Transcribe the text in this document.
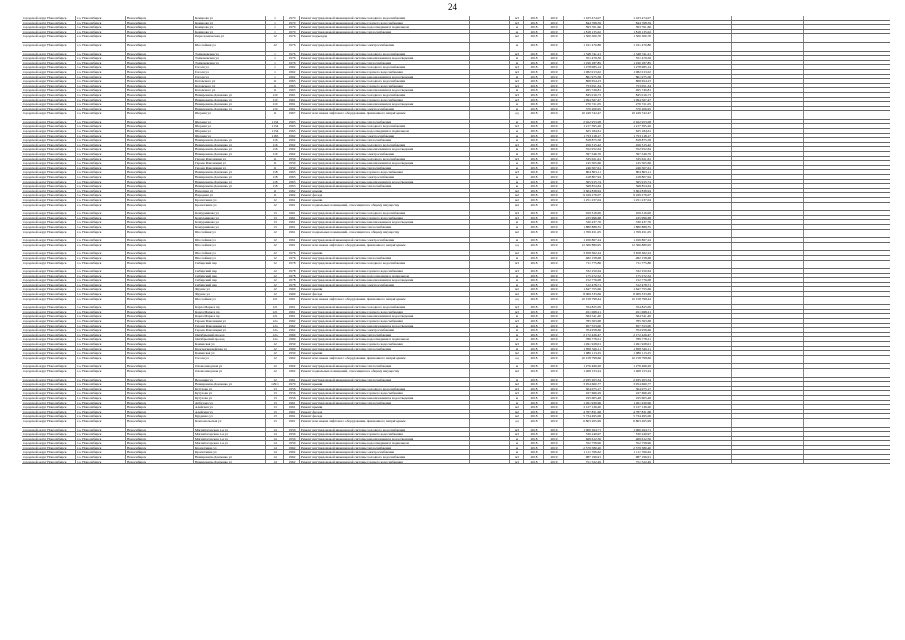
24
городской округ Новосибирск	г.о. Новосибирск	Новосибирск	Комарова ул	1	1970	Ремонт внутридомовой инженерной системы холодного водоснабжения	м3	2018	2019	1 163 474,07	1 163 474,07
городской округ Новосибирск	г.о. Новосибирск	Новосибирск	Комарова ул	1	1970	Ремонт внутридомовой инженерной системы горячего водоснабжения	м3	2018	2019	844 768,59	844 768,59
городской округ Новосибирск	г.о. Новосибирск	Новосибирск	Комарова ул	1	1970	Ремонт внутридомовой инженерной системы водоотведения в подвальном	м	2018	2019	593 761,66	593 761,66
городской округ Новосибирск	г.о. Новосибирск	Новосибирск	Комарова ул	1	1970	Ремонт внутридомовой инженерной системы теплоснабжения	м	2018	2019	1 818 135,02	1 818 135,02
городской округ Новосибирск	г.о. Новосибирск	Новосибирск	Переселенческая ул	12	1976	Ремонт подъездов	м2	2018	2019	1 500 300,70	1 500 300,70
городской округ Новосибирск	г.о. Новосибирск	Новосибирск	Шоссейная ул	12	1976	Ремонт внутридомовой инженерной системы электроснабжения	м	2018	2019	1 191 470,86	1 191 470,86
городской округ Новосибирск	г.о. Новосибирск	Новосибирск	Толмачевская ул	1	1976	Ремонт внутридомовой инженерной системы холодного водоснабжения	м3	2018	2019	1 348 741,21	1 348 741,21
городской округ Новосибирск	г.о. Новосибирск	Новосибирск	Толмачевская ул	1	1976	Ремонт внутридомовой инженерной системы канализования и водоотведения	м	2018	2019	551 479,56	551 479,56
городской округ Новосибирск	г.о. Новосибирск	Новосибирск	Толмачевская ул	1	1976	Ремонт внутридомовой инженерной системы теплоснабжения	м	2018	2019	1 190 187,85	1 190 187,85
городской округ Новосибирск	г.о. Новосибирск	Новосибирск	Гоголя ул	1	1962	Ремонт внутридомовой инженерной системы холодного водоснабжения	м3	2018	2019	1 278 085,14	1 278 085,14
городской округ Новосибирск	г.о. Новосибирск	Новосибирск	Гоголя ул	1	1962	Ремонт внутридомовой инженерной системы горячего водоснабжения	м3	2018	2019	1 082 013,02	1 082 013,02
городской округ Новосибирск	г.о. Новосибирск	Новосибирск	Гоголя ул	1	1962	Ремонт внутридомовой инженерной системы канализования и водоотведения	м	2018	2019	861 975,58	861 975,58
городской округ Новосибирск	г.о. Новосибирск	Новосибирск	Котовского ул	11	1963	Ремонт внутридомовой инженерной системы холодного водоснабжения	м3	2018	2019	868 654,23	868 654,23
городской округ Новосибирск	г.о. Новосибирск	Новосибирск	Котовского ул	11	1963	Ремонт внутридомовой инженерной системы горячего водоснабжения	м3	2018	2019	753 051,34	753 051,34
городской округ Новосибирск	г.о. Новосибирск	Новосибирск	Котовского ул	11	1963	Ремонт внутридомовой инженерной системы канализования и водоотведения	м	2018	2019	495 749,81	495 749,81
городской округ Новосибирск	г.о. Новосибирск	Новосибирск	Немировича-Данченко ул	110	1961	Ремонт внутридомовой инженерной системы холодного водоснабжения	м3	2018	2019	845 016,73	845 016,73
городской округ Новосибирск	г.о. Новосибирск	Новосибирск	Немировича-Данченко ул	110	1961	Ремонт внутридомовой инженерной системы горячего водоснабжения	м3	2018	2019	1 094 567,47	1 094 567,47
городской округ Новосибирск	г.о. Новосибирск	Новосибирск	Немировича-Данченко ул	110	1961	Ремонт внутридомовой инженерной системы канализования и водоотведения	м	2018	2019	276 721,05	276 721,05
городской округ Новосибирск	г.о. Новосибирск	Новосибирск	Немировича-Данченко ул	110	1961	Ремонт внутридомовой инженерной системы электроснабжения	м	2018	2019	570 206,95	570 206,95
городской округ Новосибирск	г.о. Новосибирск	Новосибирск	Шорная ул	11	1967	Ремонт или замена лифтового оборудования, признанного непригодным	ед	2018	2019	10 249 742,47	10 249 742,47
городской округ Новосибирск	г.о. Новосибирск	Новосибирск	Шорная ул	1134	1963	Ремонт внутридомовой инженерной системы теплоснабжения	м	2018	2019	2 922 953,08	2 922 953,08
городской округ Новосибирск	г.о. Новосибирск	Новосибирск	Шорная ул	1134	1963	Ремонт внутридомовой инженерной системы холодного водоснабжения	м3	2018	2019	1 217 395,26	1 217 395,26
городской округ Новосибирск	г.о. Новосибирск	Новосибирск	Шорная ул	1134	1963	Ремонт внутридомовой инженерной системы водоотведения в подвальном	м	2018	2019	625 184,61	625 184,61
городской округ Новосибирск	г.о. Новосибирск	Новосибирск	Шорная ул	1165	1962	Ремонт внутридомовой инженерной системы электроснабжения	м	2018	2019	1 753 118,17	1 753 118,17
городской округ Новосибирск	г.о. Новосибирск	Новосибирск	Немировича-Данченко ул	116	1962	Ремонт внутридомовой инженерной системы теплоснабжения	м	2018	2019	818 875,58	818 875,58
городской округ Новосибирск	г.о. Новосибирск	Новосибирск	Немировича-Данченко ул	116	1962	Ремонт внутридомовой инженерной системы холодного водоснабжения	м3	2018	2019	456 315,42	456 315,42
городской округ Новосибирск	г.о. Новосибирск	Новосибирск	Немировича-Данченко ул	116	1962	Ремонт внутридомовой инженерной системы канализования и водоотведения	м	2018	2019	352 052,64	352 052,64
городской округ Новосибирск	г.о. Новосибирск	Новосибирск	Немировича-Данченко ул	116	1962	Ремонт внутридомовой инженерной системы электроснабжения	м	2018	2019	397 546,76	397 546,76
городской округ Новосибирск	г.о. Новосибирск	Новосибирск	Героев Революции ул	11	1959	Ремонт внутридомовой инженерной системы холодного водоснабжения	м3	2018	2019	335 021,61	335 021,61
городской округ Новосибирск	г.о. Новосибирск	Новосибирск	Героев Революции ул	11	1959	Ремонт внутридомовой инженерной системы канализования и водоотведения	м	2018	2019	145 505,66	145 505,66
городской округ Новосибирск	г.о. Новосибирск	Новосибирск	Героев Революции ул	11	1959	Ремонт внутридомовой инженерной системы теплоснабжения	м	2018	2019	246 507,61	246 507,61
городской округ Новосибирск	г.о. Новосибирск	Новосибирск	Немировича-Данченко ул	118	1963	Ремонт внутридомовой инженерной системы горячего водоснабжения	м3	2018	2019	804 803,11	804 803,11
городской округ Новосибирск	г.о. Новосибирск	Новосибирск	Немировича-Данченко ул	118	1963	Ремонт внутридомовой инженерной системы электроснабжения	м	2018	2019	418 807,94	418 807,94
городской округ Новосибирск	г.о. Новосибирск	Новосибирск	Немировича-Данченко ул	118	1963	Ремонт внутридомовой инженерной системы канализования и водоотведения	м	2018	2019	365 915,74	365 915,74
городской округ Новосибирск	г.о. Новосибирск	Новосибирск	Немировича-Данченко ул	118	1963	Ремонт внутридомовой инженерной системы теплоснабжения	м	2018	2019	568 854,64	568 854,64
городской округ Новосибирск	г.о. Новосибирск	Новосибирск	Народная ул	11	1962	Ремонт крыши	м2	2018	2019	3 604 838,94	3 604 838,94
городской округ Новосибирск	г.о. Новосибирск	Новосибирск	Народная ул	11	1962	Ремонт фасада	м2	2018	2019	9 169 276,07	9 169 276,07
городской округ Новосибирск	г.о. Новосибирск	Новосибирск	Кропоткина ул	12	1961	Ремонт крыши	м2	2018	2019	1 251 237,04	1 251 237,04
городской округ Новосибирск	г.о. Новосибирск	Новосибирск	Кропоткина ул	12	1961	Ремонт подвальных помещений, относящихся к общему имуществу	м2	2018	2019
городской округ Новосибирск	г.о. Новосибирск	Новосибирск	Кошурникова ул	13	1961	Ремонт внутридомовой инженерной системы холодного водоснабжения	м3	2018	2019	459 316,06	459 316,06
городской округ Новосибирск	г.о. Новосибирск	Новосибирск	Кошурникова ул	13	1961	Ремонт внутридомовой инженерной системы горячего водоснабжения	м3	2018	2019	435 996,68	435 996,68
городской округ Новосибирск	г.о. Новосибирск	Новосибирск	Кошурникова ул	13	1961	Ремонт внутридомовой инженерной системы канализования и водоотведения	м	2018	2019	330 437,76	330 437,76
городской округ Новосибирск	г.о. Новосибирск	Новосибирск	Кошурникова ул	13	1961	Ремонт внутридомовой инженерной системы теплоснабжения	м	2018	2019	1 880 888,35	1 880 888,35
городской округ Новосибирск	г.о. Новосибирск	Новосибирск	Шоссейная ул	12	1961	Ремонт подвальных помещений, относящихся к общему имуществу	м2	2018	2019	1 769 451,05	1 769 451,05
городской округ Новосибирск	г.о. Новосибирск	Новосибирск	Шоссейная ул	12	1961	Ремонт внутридомовой инженерной системы электроснабжения	м	2018	2019	1 456 867,24	1 456 867,24
городской округ Новосибирск	г.о. Новосибирск	Новосибирск	Шоссейная ул	12	1961	Ремонт или замена лифтового оборудования, признанного непригодным	ед	2018	2019	12 366 880,95	12 366 880,95
городской округ Новосибирск	г.о. Новосибирск	Новосибирск	Шоссейная ул	12	1976	Ремонт крыши	м2	2018	2019	3 658 362,24	3 658 362,24
городской округ Новосибирск	г.о. Новосибирск	Новосибирск	Шоссейная ул	12	1976	Ремонт внутридомовой инженерной системы теплоснабжения	м	2018	2019	482 158,68	482 158,68
городской округ Новосибирск	г.о. Новосибирск	Новосибирск	Сибирский пер	12	1978	Ремонт внутридомовой инженерной системы холодного водоснабжения	м3	2018	2019	711 775,86	711 775,86
городской округ Новосибирск	г.о. Новосибирск	Новосибирск	Сибирский пер	12	1978	Ремонт внутридомовой инженерной системы горячего водоснабжения	м3	2018	2019	332 250,64	332 250,64
городской округ Новосибирск	г.о. Новосибирск	Новосибирск	Сибирский пер	12	1978	Ремонт внутридомовой инженерной системы водоотведения в подвальном	м	2018	2019	175 272,52	175 272,52
городской округ Новосибирск	г.о. Новосибирск	Новосибирск	Сибирский пер	12	1978	Ремонт внутридомовой инженерной системы канализования и водоотведения	м	2018	2019	152 776,08	152 776,08
городской округ Новосибирск	г.о. Новосибирск	Новосибирск	Сибирский пер	12	1978	Ремонт внутридомовой инженерной системы электроснабжения	м	2018	2019	312 478,71	312 478,71
городской округ Новосибирск	г.о. Новосибирск	Новосибирск	Фрунзе ул	12	1960	Ремонт крыши	м2	2018	2019	1 647 755,66	1 647 755,66
городской округ Новосибирск	г.о. Новосибирск	Новосибирск	Фрунзе ул	12	1960	Ремонт фасада	м2	2018	2019	8 069 333,69	8 069 333,69
городской округ Новосибирск	г.о. Новосибирск	Новосибирск	Шоссейная ул	121	1961	Ремонт или замена лифтового оборудования, признанного непригодным	ед	2018	2019	10 158 798,44	10 158 798,44
городской округ Новосибирск	г.о. Новосибирск	Новосибирск	Карла Маркса пр	121	1961	Ремонт внутридомовой инженерной системы холодного водоснабжения	м3	2018	2019	354 825,09	354 825,09
городской округ Новосибирск	г.о. Новосибирск	Новосибирск	Карла Маркса пр	121	1961	Ремонт внутридомовой инженерной системы горячего водоснабжения	м3	2018	2019	451 068,21	451 068,21
городской округ Новосибирск	г.о. Новосибирск	Новосибирск	Карла Маркса пр	121	1961	Ремонт внутридомовой инженерной системы канализования и водоотведения	м	2018	2019	564 541,40	564 541,40
городской округ Новосибирск	г.о. Новосибирск	Новосибирск	Героев Революции ул	12а	1962	Ремонт внутридомовой инженерной системы горячего водоснабжения	м3	2018	2019	785 563,68	785 563,68
городской округ Новосибирск	г.о. Новосибирск	Новосибирск	Героев Революции ул	12а	1962	Ремонт внутридомовой инженерной системы канализования и водоотведения	м	2018	2019	657 553,00	657 553,00
городской округ Новосибирск	г.о. Новосибирск	Новосибирск	Героев Революции ул	12а	1962	Ремонт внутридомовой инженерной системы электроснабжения	м	2018	2019	704 958,66	704 958,66
городской округ Новосибирск	г.о. Новосибирск	Новосибирск	Октябрьский проезд	12а	1969	Ремонт внутридомовой инженерной системы теплоснабжения	м	2018	2019	2 172 426,47	2 172 426,47
городской округ Новосибирск	г.о. Новосибирск	Новосибирск	Октябрьский проезд	12а	1969	Ремонт внутридомовой инженерной системы водоотведения в подвальном	м	2018	2019	789 778,21	789 778,21
городской округ Новосибирск	г.о. Новосибирск	Новосибирск	Каменская ул	12	1959	Ремонт внутридомовой инженерной системы горячего водоснабжения	м3	2018	2019	1 491 928,01	1 491 928,01
городской округ Новосибирск	г.о. Новосибирск	Новосибирск	Красногвардейская ул	12	1960	Ремонт внутридомовой инженерной системы теплоснабжения	м	2018	2019	1 858 326,11	1 858 326,11
городской округ Новосибирск	г.о. Новосибирск	Новосибирск	Каменская ул	12	1959	Ремонт крыши	м2	2018	2019	1 986 113,25	1 986 113,25
городской округ Новосибирск	г.о. Новосибирск	Новосибирск	Гоголя ул	12	1962	Ремонт или замена лифтового оборудования, признанного непригодным	ед	2018	2019	10 158 798,66	10 158 798,66
городской округ Новосибирск	г.о. Новосибирск	Новосибирск	Оловозаводская ул	12	1962	Ремонт внутридомовой инженерной системы теплоснабжения	м	2018	2019	1 276 466,26	1 276 466,26
городской округ Новосибирск	г.о. Новосибирск	Новосибирск	Оловозаводская ул	12	1962	Ремонт подвальных помещений, относящихся к общему имуществу	м2	2018	2019	1 468 153,24	1 468 153,24
городской округ Новосибирск	г.о. Новосибирск	Новосибирск	Весенняя ул	12	1961	Ремонт внутридомовой инженерной системы теплоснабжения	м	2018	2019	2 935 203,34	2 935 203,34
городской округ Новосибирск	г.о. Новосибирск	Новосибирск	Немировича-Данченко ул	129/1	1970	Ремонт крыши	м2	2018	2019	3 954 660,77	3 954 660,77
городской округ Новосибирск	г.о. Новосибирск	Новосибирск	Кутузова ул	13	1956	Ремонт внутридомовой инженерной системы холодного водоснабжения	м3	2018	2019	304 075,17	304 075,17
городской округ Новосибирск	г.о. Новосибирск	Новосибирск	Кутузова ул	13	1956	Ремонт внутридомовой инженерной системы горячего водоснабжения	м3	2018	2019	167 666,29	167 666,29
городской округ Новосибирск	г.о. Новосибирск	Новосибирск	Кутузова ул	13	1956	Ремонт внутридомовой инженерной системы канализования и водоотведения	м	2018	2019	195 605,48	195 605,48
городской округ Новосибирск	г.о. Новосибирск	Новосибирск	Арбузова ул	13	1961	Ремонт внутридомовой инженерной системы теплоснабжения	м	2018	2019	1 261 930,96	1 261 930,96
городской округ Новосибирск	г.о. Новосибирск	Новосибирск	Алейская ул	13	1961	Ремонт крыши	м2	2018	2019	3 127 136,20	3 127 136,20
городской округ Новосибирск	г.о. Новосибирск	Новосибирск	Алейская ул	13	1961	Ремонт фасада	м2	2018	2019	4 787 831,68	4 787 831,68
городской округ Новосибирск	г.о. Новосибирск	Новосибирск	Бурденко ул	13	1961	Ремонт фасада	м2	2018	2019	5 734 495,06	5 734 495,06
городской округ Новосибирск	г.о. Новосибирск	Новосибирск	Комсомольская ул	13	1961	Ремонт или замена лифтового оборудования, признанного непригодным	ед	2018	2019	6 803 265,99	6 803 265,99
городской округ Новосибирск	г.о. Новосибирск	Новосибирск	Магнитогорская 1-я ул	14	1959	Ремонт внутридомовой инженерной системы холодного водоснабжения	м3	2018	2019	1 060 264,71	1 060 264,71
городской округ Новосибирск	г.о. Новосибирск	Новосибирск	Магнитогорская 1-я ул	14	1959	Ремонт внутридомовой инженерной системы горячего водоснабжения	м3	2018	2019	530 240,97	530 240,97
городской округ Новосибирск	г.о. Новосибирск	Новосибирск	Магнитогорская 1-я ул	14	1959	Ремонт внутридомовой инженерной системы канализования и водоотведения	м	2018	2019	469 612,56	469 612,56
городской округ Новосибирск	г.о. Новосибирск	Новосибирск	Магнитогорская 1-я ул	14	1959	Ремонт внутридомовой инженерной системы водоотведения в подвальном	м	2018	2019	352 758,96	352 758,96
городской округ Новосибирск	г.о. Новосибирск	Новосибирск	Кропоткина ул	14	1962	Ремонт внутридомовой инженерной системы теплоснабжения	м	2018	2019	2 579 580,40	2 579 580,40
городской округ Новосибирск	г.о. Новосибирск	Новосибирск	Кропоткина ул	14	1962	Ремонт внутридомовой инженерной системы электроснабжения	м	2018	2019	1 111 766,62	1 111 766,62
городской округ Новосибирск	г.о. Новосибирск	Новосибирск	Немировича-Данченко ул	14	1962	Ремонт внутридомовой инженерной системы холодного водоснабжения	м3	2018	2019	987 196,91	987 196,91
городской округ Новосибирск	г.о. Новосибирск	Новосибирск	Немировича-Данченко ул	14	1962	Ремонт внутридомовой инженерной системы горячего водоснабжения	м3	2018	2019	751 522,49	751 522,49
